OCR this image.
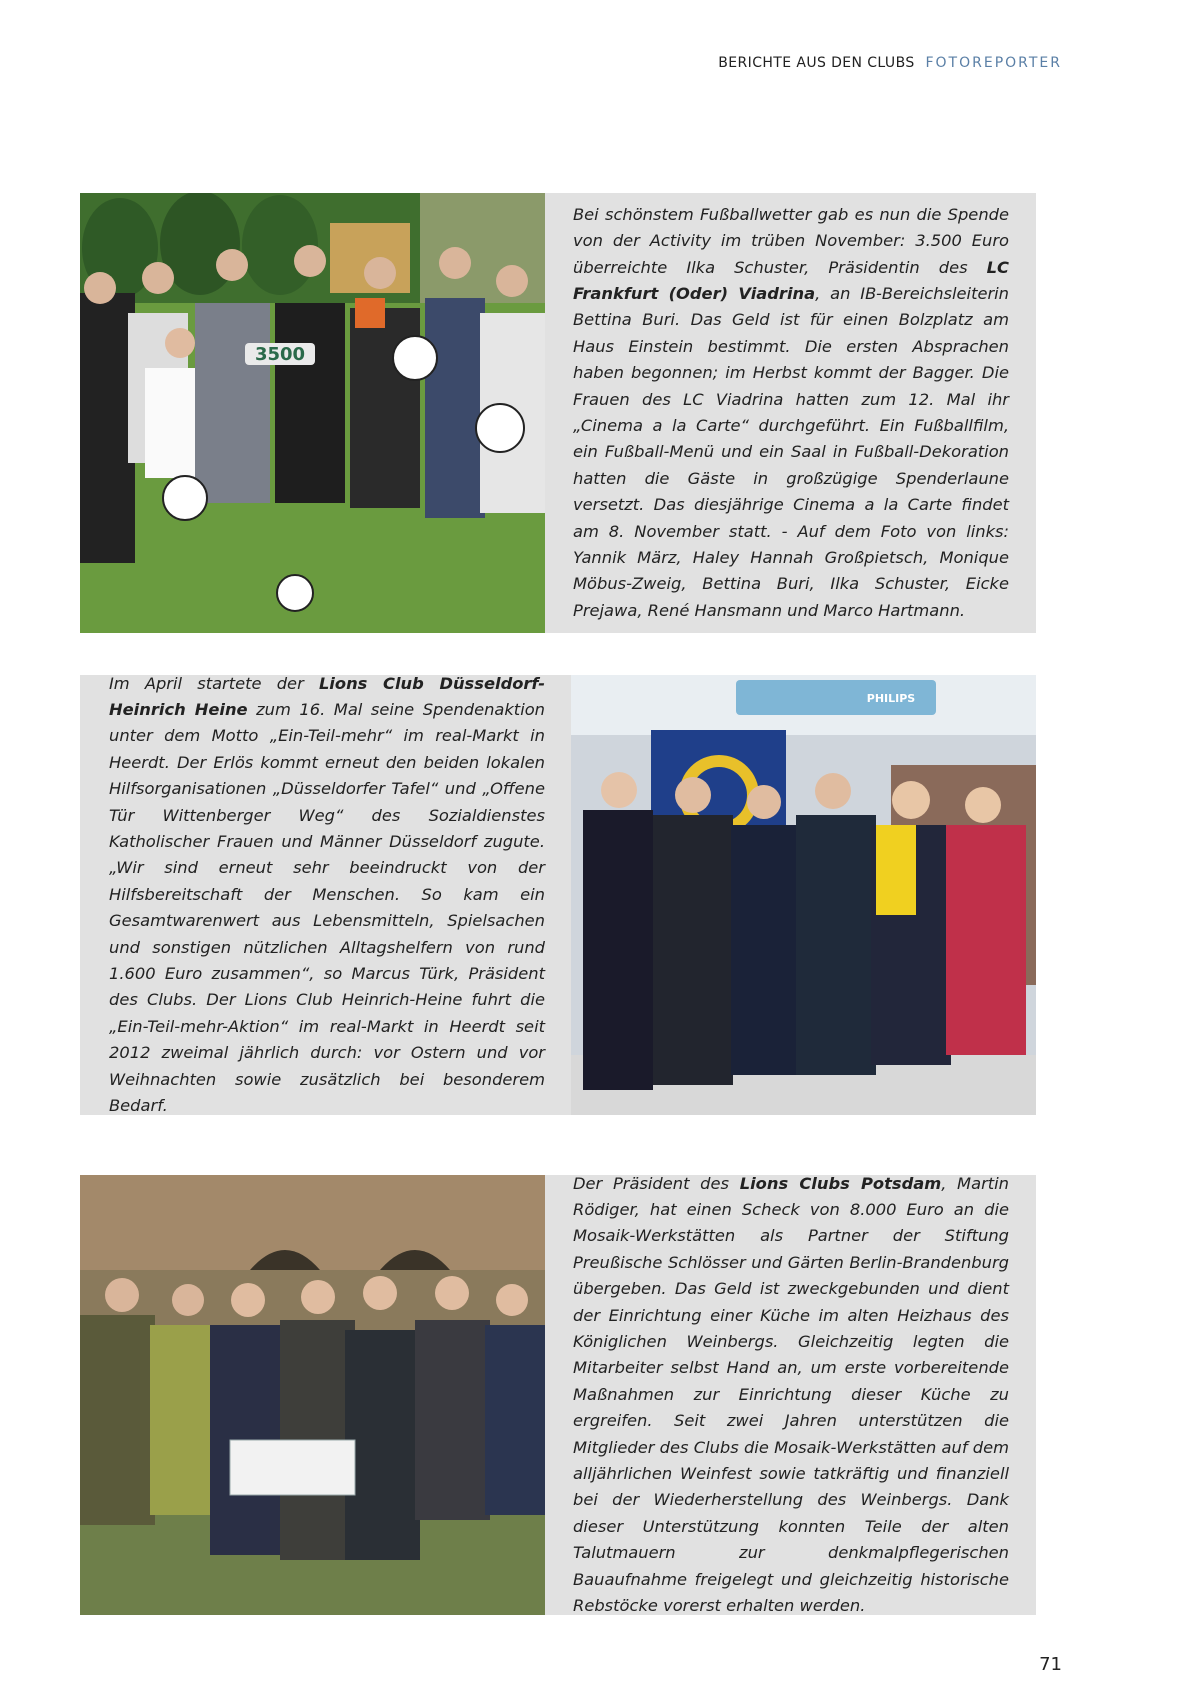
BERICHTE AUS DEN CLUBS FOTOREPORTER
3500
Bei schönstem Fußballwetter gab es nun die Spende von der Activity im trüben November: 3.500 Euro überreichte Ilka Schuster, Präsidentin des LC Frankfurt (Oder) Viadrina, an IB-Bereichsleiterin Bettina Buri. Das Geld ist für einen Bolzplatz am Haus Einstein bestimmt. Die ersten Absprachen haben begonnen; im Herbst kommt der Bagger. Die Frauen des LC Viadrina hatten zum 12. Mal ihr „Cinema a la Carte“ durchgeführt. Ein Fußballfilm, ein Fußball-Menü und ein Saal in Fußball-Dekoration hatten die Gäste in großzügige Spenderlaune versetzt. Das diesjährige Cinema a la Carte findet am 8. November statt. - Auf dem Foto von links: Yannik März, Haley Hannah Großpietsch, Monique Möbus-Zweig, Bettina Buri, Ilka Schuster, Eicke Prejawa, René Hansmann und Marco Hartmann.
Im April startete der Lions Club Düsseldorf-Heinrich Heine zum 16. Mal seine Spendenaktion unter dem Motto „Ein-Teil-mehr“ im real-Markt in Heerdt. Der Erlös kommt erneut den beiden lokalen Hilfsorganisationen „Düsseldorfer Tafel“ und „Offene Tür Wittenberger Weg“ des Sozialdienstes Katholischer Frauen und Männer Düsseldorf zugute. „Wir sind erneut sehr beeindruckt von der Hilfsbereitschaft der Menschen. So kam ein Gesamtwarenwert aus Lebensmitteln, Spielsachen und sonstigen nützlichen Alltagshelfern von rund 1.600 Euro zusammen“, so Marcus Türk, Präsident des Clubs. Der Lions Club Heinrich-Heine fuhrt die „Ein-Teil-mehr-Aktion“ im real-Markt in Heerdt seit 2012 zweimal jährlich durch: vor Ostern und vor Weihnachten sowie zusätzlich bei besonderem Bedarf.
PHILIPS
Der Präsident des Lions Clubs Potsdam, Martin Rödiger, hat einen Scheck von 8.000 Euro an die Mosaik-Werkstätten als Partner der Stiftung Preußische Schlösser und Gärten Berlin-Brandenburg übergeben. Das Geld ist zweckgebunden und dient der Einrichtung einer Küche im alten Heizhaus des Königlichen Weinbergs. Gleichzeitig legten die Mitarbeiter selbst Hand an, um erste vorbereitende Maßnahmen zur Einrichtung dieser Küche zu ergreifen. Seit zwei Jahren unterstützen die Mitglieder des Clubs die Mosaik-Werkstätten auf dem alljährlichen Weinfest sowie tatkräftig und finanziell bei der Wiederherstellung des Weinbergs. Dank dieser Unterstützung konnten Teile der alten Talutmauern zur denkmalpflegerischen Bauaufnahme freigelegt und gleichzeitig historische Rebstöcke vorerst erhalten werden.
71
